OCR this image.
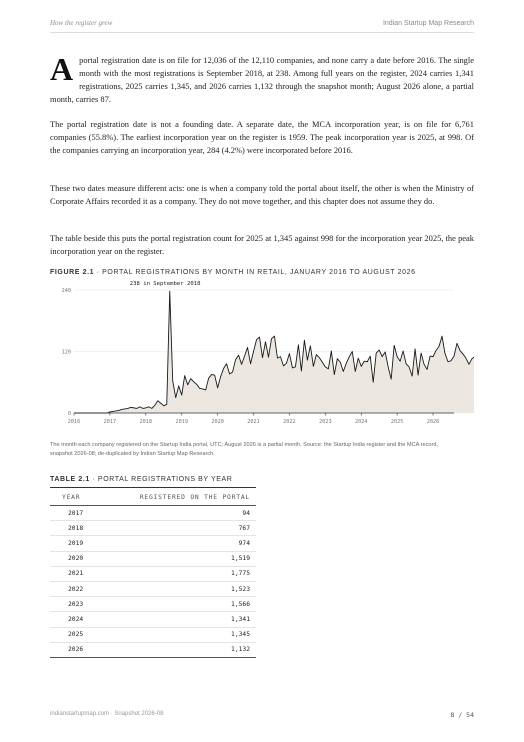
How the register grew	Indian Startup Map Research

Aportal registration date is on file for 12,036 of the 12,110 companies, and none carry a date before 2016. The single month with the most registrations is September 2018, at 238. Among full years on the register, 2024 carries 1,341 registrations, 2025 carries 1,345, and 2026 carries 1,132 through the snapshot month; August 2026 alone, a partial month, carries 87.

The portal registration date is not a founding date. A separate date, the MCA incorporation year, is on file for 6,761 companies (55.8%). The earliest incorporation year on the register is 1959. The peak incorporation year is 2025, at 998. Of the companies carrying an incorporation year, 284 (4.2%) were incorporated before 2016.

These two dates measure different acts: one is when a company told the portal about itself, the other is when the Ministry of Corporate Affairs recorded it as a company. They do not move together, and this chapter does not assume they do.

The table beside this puts the portal registration count for 2025 at 1,345 against 998 for the incorporation year 2025, the peak incorporation year on the register.

FIGURE 2.1 · PORTAL REGISTRATIONS BY MONTH IN RETAIL, JANUARY 2016 TO AUGUST 2026
0
120
240
2016	2017	2018	2019	2020	2021	2022	2023	2024	2025	2026
238 in September 2018

The month each company registered on the Startup India portal, UTC; August 2026 is a partial month. Source: the Startup India register and the MCA record, snapshot 2026-08; de-duplicated by Indian Startup Map Research.

TABLE 2.1 · PORTAL REGISTRATIONS BY YEAR
YEAR	REGISTERED ON THE PORTAL
2017	94
2018	767
2019	974
2020	1,519
2021	1,775
2022	1,523
2023	1,566
2024	1,341
2025	1,345
2026	1,132
indianstartupmap.com · Snapshot 2026-08	8 / 54
